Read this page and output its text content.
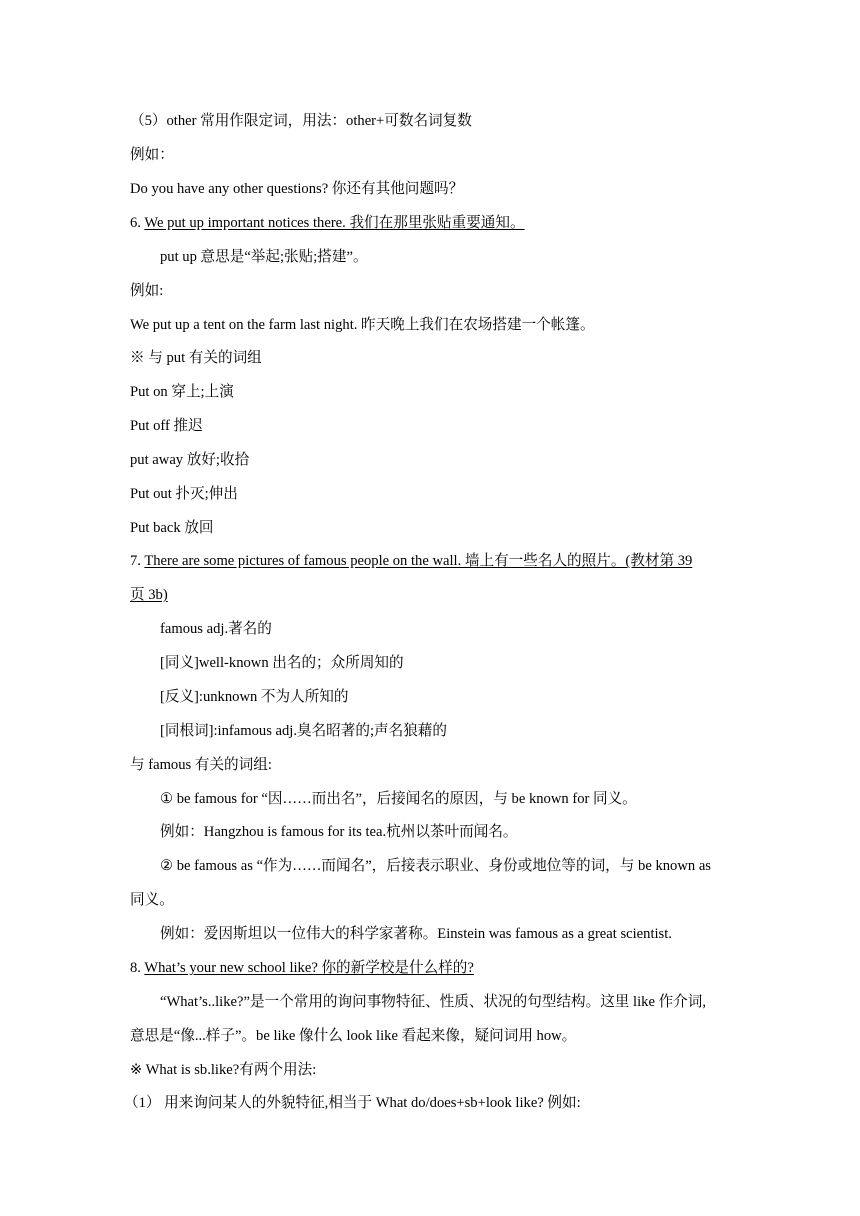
（5）other 常用作限定词，用法：other+可数名词复数
例如：
Do you have any other questions? 你还有其他问题吗？
6. We put up important notices there. 我们在那里张贴重要通知。
put up 意思是“举起;张贴;搭建”。
例如:
We put up a tent on the farm last night. 昨天晚上我们在农场搭建一个帐篷。
※ 与 put 有关的词组
Put on 穿上;上演
Put off 推迟
put away 放好;收拾
Put out 扑灭;伸出
Put back 放回
7. There are some pictures of famous people on the wall. 墙上有一些名人的照片。(教材第 39
页 3b)
famous adj.著名的
[同义]well-known 出名的；众所周知的
[反义]:unknown 不为人所知的
[同根词]:infamous adj.臭名昭著的;声名狼藉的
与 famous 有关的词组:
① be famous for “因……而出名”，后接闻名的原因，与 be known for 同义。
例如：Hangzhou is famous for its tea.杭州以茶叶而闻名。
② be famous as “作为……而闻名”，后接表示职业、身份或地位等的词，与 be known as
同义。
例如：爱因斯坦以一位伟大的科学家著称。Einstein was famous as a great scientist.
8. What’s your new school like? 你的新学校是什么样的?
“What’s..like?”是一个常用的询问事物特征、性质、状况的句型结构。这里 like 作介词,
意思是“像...样子”。be like 像什么 look like 看起来像，疑问词用 how。
※ What is sb.like?有两个用法:
（1） 用来询问某人的外貌特征,相当于 What do/does+sb+look like? 例如:
